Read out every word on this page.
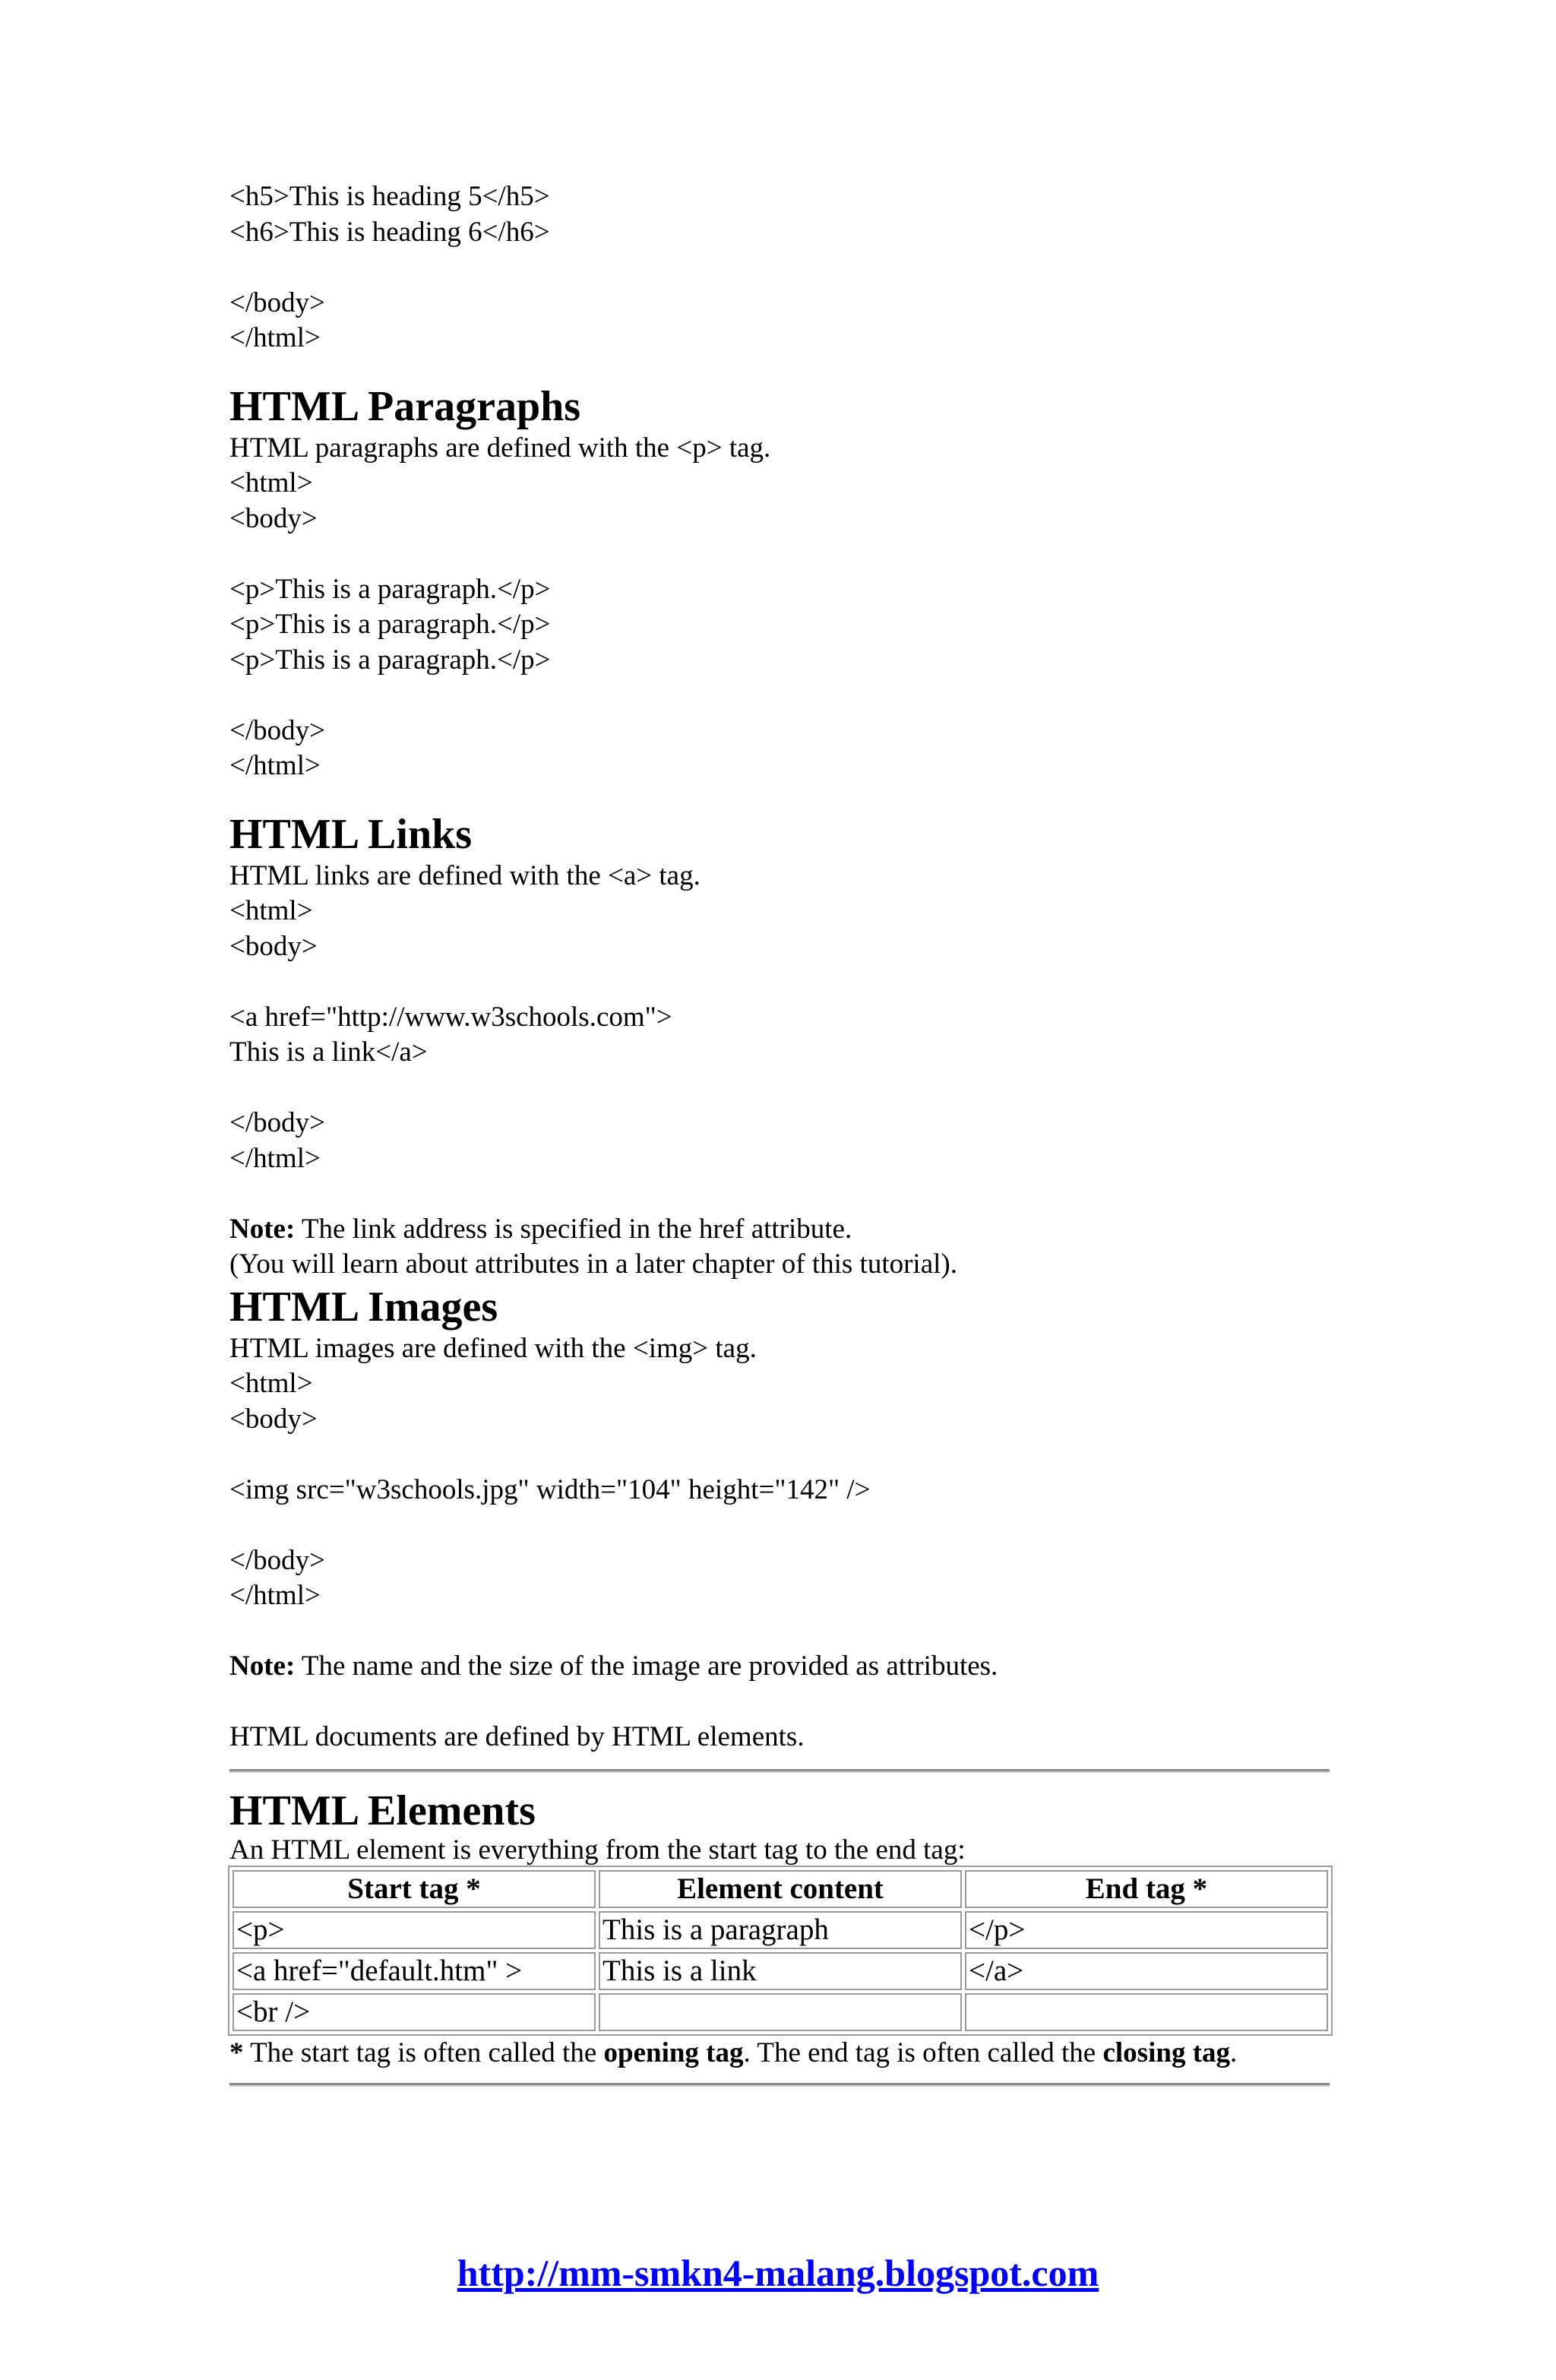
<h5>This is heading 5</h5>
<h6>This is heading 6</h6>
</body>
</html>
HTML Paragraphs
HTML paragraphs are defined with the <p> tag.
<html>
<body>
<p>This is a paragraph.</p>
<p>This is a paragraph.</p>
<p>This is a paragraph.</p>
</body>
</html>
HTML Links
HTML links are defined with the <a> tag.
<html>
<body>
<a href="http://www.w3schools.com">
This is a link</a>
</body>
</html>
Note: The link address is specified in the href attribute.
(You will learn about attributes in a later chapter of this tutorial).
HTML Images
HTML images are defined with the <img> tag.
<html>
<body>
<img src="w3schools.jpg" width="104" height="142" />
</body>
</html>
Note: The name and the size of the image are provided as attributes.
HTML documents are defined by HTML elements.
HTML Elements
An HTML element is everything from the start tag to the end tag:
Start tag *	Element content	End tag *
<p>	This is a paragraph	</p>
<a href="default.htm" >	This is a link	</a>
<br />		
* The start tag is often called the opening tag. The end tag is often called the closing tag.
http://mm-smkn4-malang.blogspot.com
